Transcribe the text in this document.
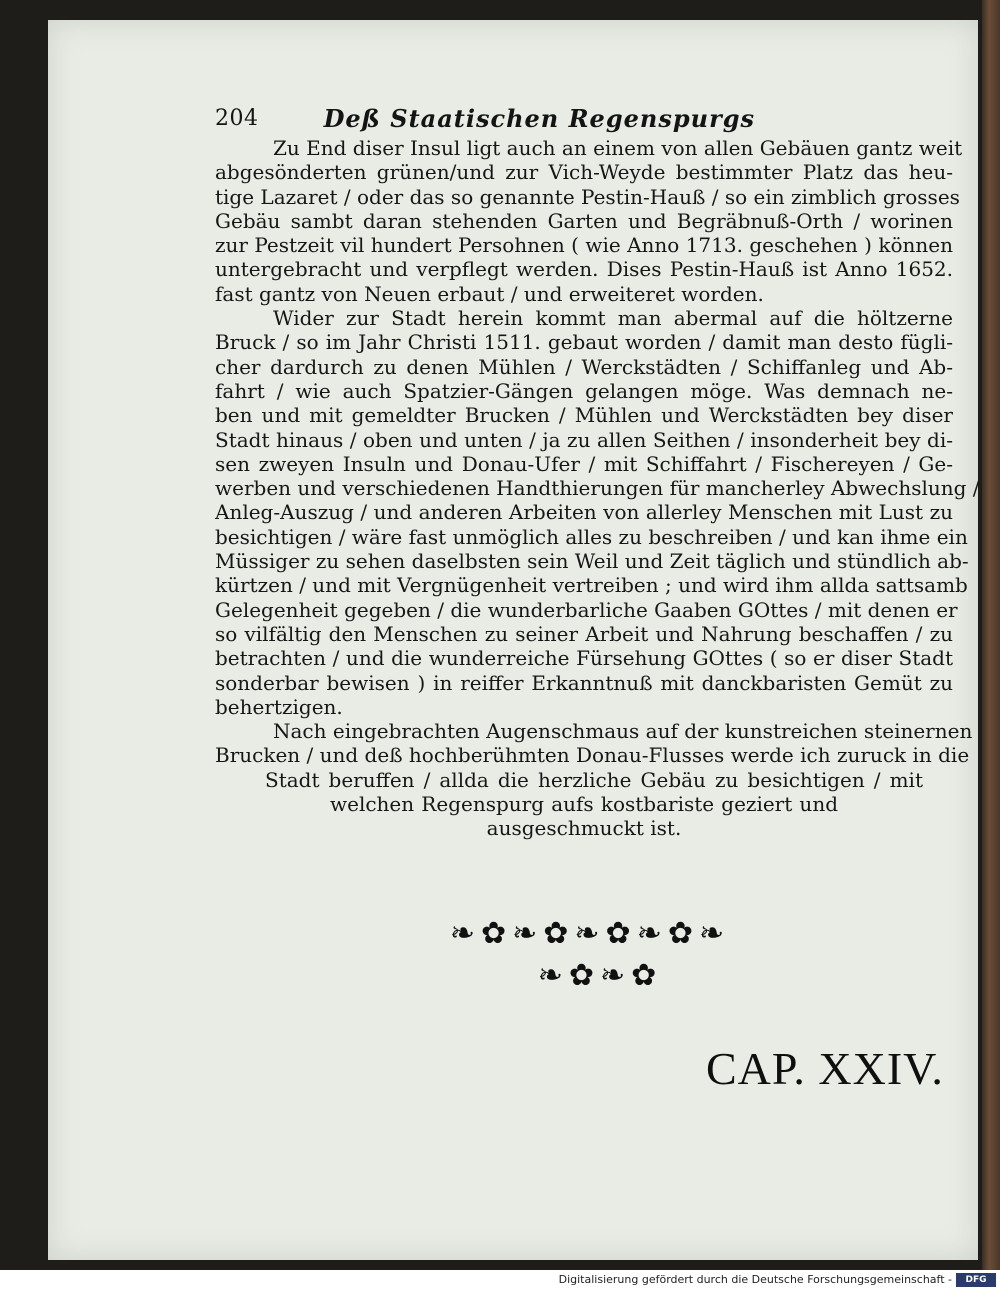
204	Deß Staatischen Regenspurgs
Zu End diser Insul ligt auch an einem von allen Gebäuen gantz weit
abgesönderten grünen/und zur Vich-Weyde bestimmter Platz das heu-
tige Lazaret / oder das so genannte Pestin-Hauß / so ein zimblich grosses
Gebäu sambt daran stehenden Garten und Begräbnuß-Orth / worinen
zur Pestzeit vil hundert Persohnen ( wie Anno 1713. geschehen ) können
untergebracht und verpflegt werden. Dises Pestin-Hauß ist Anno 1652.
fast gantz von Neuen erbaut / und erweiteret worden.
Wider zur Stadt herein kommt man abermal auf die höltzerne
Bruck / so im Jahr Christi 1511. gebaut worden / damit man desto fügli-
cher dardurch zu denen Mühlen / Werckstädten / Schiffanleg und Ab-
fahrt / wie auch Spatzier-Gängen gelangen möge. Was demnach ne-
ben und mit gemeldter Brucken / Mühlen und Werckstädten bey diser
Stadt hinaus / oben und unten / ja zu allen Seithen / insonderheit bey di-
sen zweyen Insuln und Donau-Ufer / mit Schiffahrt / Fischereyen / Ge-
werben und verschiedenen Handthierungen für mancherley Abwechslung /
Anleg-Auszug / und anderen Arbeiten von allerley Menschen mit Lust zu
besichtigen / wäre fast unmöglich alles zu beschreiben / und kan ihme ein
Müssiger zu sehen daselbsten sein Weil und Zeit täglich und stündlich ab-
kürtzen / und mit Vergnügenheit vertreiben ; und wird ihm allda sattsamb
Gelegenheit gegeben / die wunderbarliche Gaaben GOttes / mit denen er
so vilfältig den Menschen zu seiner Arbeit und Nahrung beschaffen / zu
betrachten / und die wunderreiche Fürsehung GOttes ( so er diser Stadt
sonderbar bewisen ) in reiffer Erkanntnuß mit danckbaristen Gemüt zu
behertzigen.
Nach eingebrachten Augenschmaus auf der kunstreichen steinernen
Brucken / und deß hochberühmten Donau-Flusses werde ich zuruck in die
Stadt beruffen / allda die herzliche Gebäu zu besichtigen / mit
welchen Regenspurg aufs kostbariste geziert und
ausgeschmuckt ist.
❧✿❧✿❧✿❧✿❧
❧✿❧✿
CAP. XXIV.
Digitalisierung gefördert durch die Deutsche Forschungsgemeinschaft -	DFG
